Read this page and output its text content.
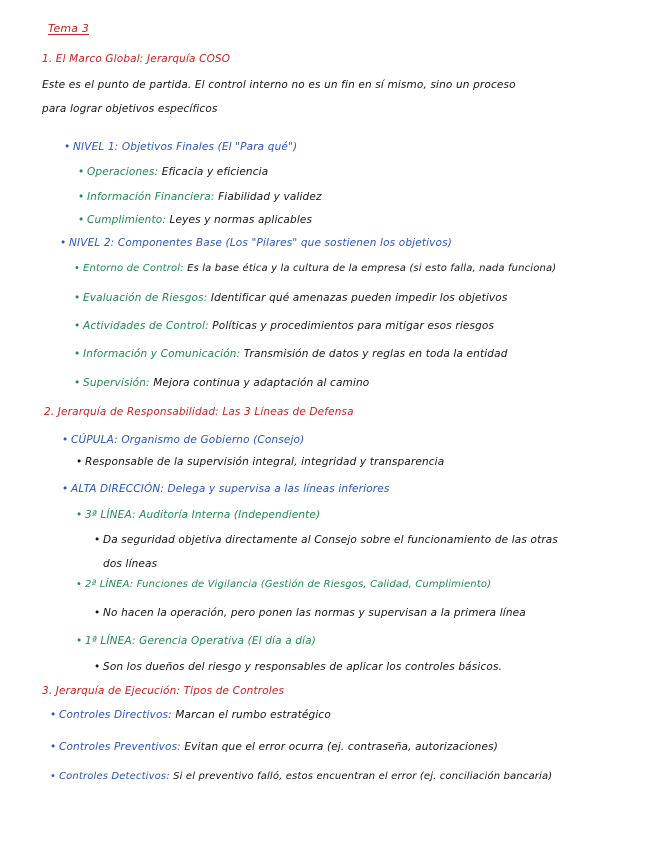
Tema 3
1. El Marco Global: Jerarquía COSO
Este es el punto de partida. El control interno no es un fin en sí mismo, sino un proceso
para lograr objetivos específicos
• NIVEL 1: Objetivos Finales (El "Para qué")
• Operaciones: Eficacia y eficiencia
• Información Financiera: Fiabilidad y validez
• Cumplimiento: Leyes y normas aplicables
• NIVEL 2: Componentes Base (Los "Pilares" que sostienen los objetivos)
• Entorno de Control: Es la base ética y la cultura de la empresa (si esto falla, nada funciona)
• Evaluación de Riesgos: Identificar qué amenazas pueden impedir los objetivos
• Actividades de Control: Políticas y procedimientos para mitigar esos riesgos
• Información y Comunicación: Transmisión de datos y reglas en toda la entidad
• Supervisión: Mejora continua y adaptación al camino
2. Jerarquía de Responsabilidad: Las 3 Líneas de Defensa
• CÚPULA: Organismo de Gobierno (Consejo)
• Responsable de la supervisión integral, integridad y transparencia
• ALTA DIRECCIÓN: Delega y supervisa a las líneas inferiores
• 3ª LÍNEA: Auditoría Interna (Independiente)
• Da seguridad objetiva directamente al Consejo sobre el funcionamiento de las otras
dos líneas
• 2ª LÍNEA: Funciones de Vigilancia (Gestión de Riesgos, Calidad, Cumplimiento)
• No hacen la operación, pero ponen las normas y supervisan a la primera línea
• 1ª LÍNEA: Gerencia Operativa (El día a día)
• Son los dueños del riesgo y responsables de aplicar los controles básicos.
3. Jerarquía de Ejecución: Tipos de Controles
• Controles Directivos: Marcan el rumbo estratégico
• Controles Preventivos: Evitan que el error ocurra (ej. contraseña, autorizaciones)
• Controles Detectivos: Si el preventivo falló, estos encuentran el error (ej. conciliación bancaria)
